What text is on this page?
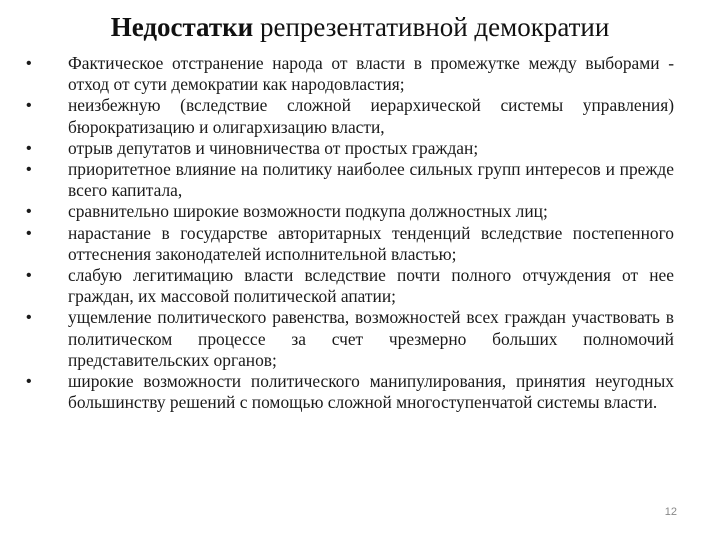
Недостатки репрезентативной демократии
•	Фактическое отстранение народа от власти в промежутке между выборами - отход от сути демократии как народовластия;
•	неизбежную (вследствие сложной иерархической системы управления) бюрократизацию и олигархизацию власти,
•	отрыв депутатов и чиновничества от простых граждан;
•	приоритетное влияние на политику наиболее сильных групп интересов и прежде всего капитала,
•	сравнительно широкие возможности подкупа должностных лиц;
•	нарастание в государстве авторитарных тенденций вследствие постепенного оттеснения законодателей исполнительной властью;
•	слабую легитимацию власти вследствие почти полного отчуждения от нее граждан, их массовой политической апатии;
•	ущемление политического равенства, возможностей всех граждан участвовать в политическом процессе за счет чрезмерно больших полномочий представительских органов;
•	широкие возможности политического манипулирования, принятия неугодных большинству решений с помощью сложной многоступенчатой системы власти.
12
